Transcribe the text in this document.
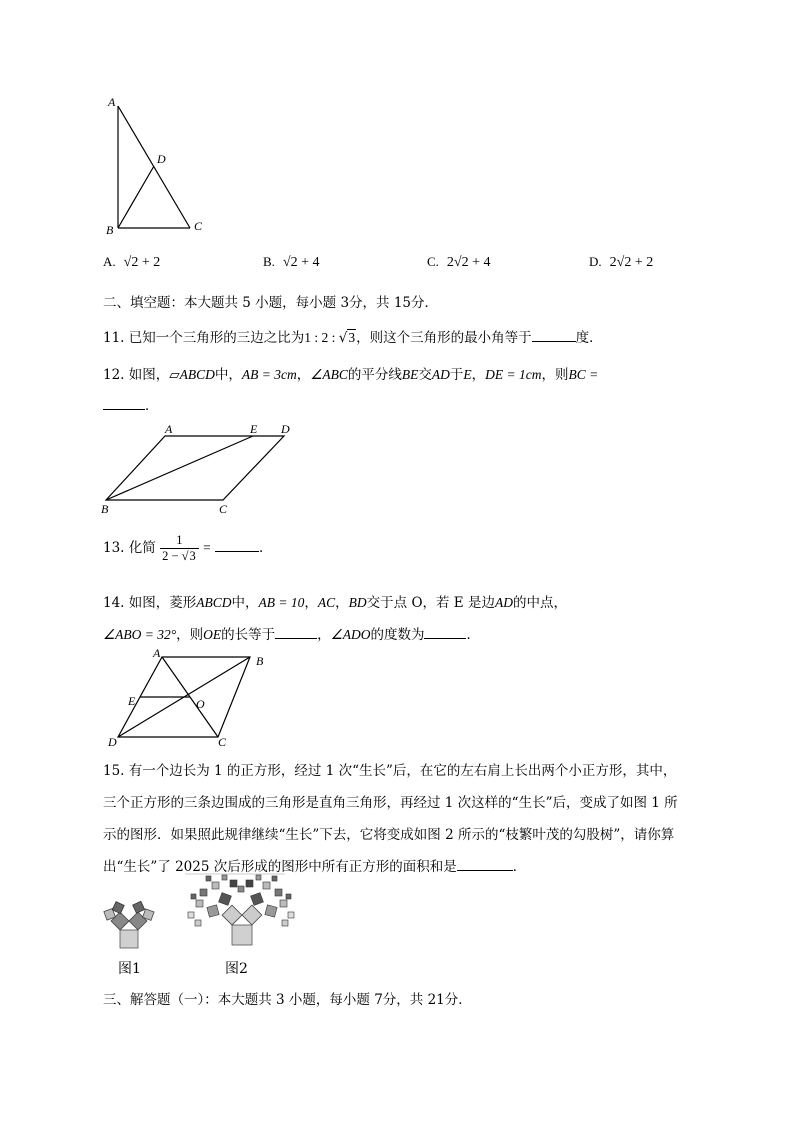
A
D
B	C
A. √2 + 2	B. √2 + 4	C. 2√2 + 4	D. 2√2 + 2
二、填空题：本大题共 5 小题，每小题 3分，共 15分．
11. 已知一个三角形的三边之比为1 : 2 : √3，则这个三角形的最小角等于	度．
12. 如图，▱ABCD中，AB = 3cm，∠ABC的平分线BE交AD于E，DE = 1cm，则BC =
．
A	E D
B	C
13. 化简 $\frac{1}{2 - √3}$ =	．
14. 如图，菱形ABCD中，AB = 10，AC，BD交于点 O，若 E 是边AD的中点，
∠ABO = 32°，则OE的长等于	，∠ADO的度数为	．
A
B
E	O
D	C
15. 有一个边长为 1 的正方形，经过 1 次“生长”后，在它的左右肩上长出两个小正方形，其中，
三个正方形的三条边围成的三角形是直角三角形，再经过 1 次这样的“生长”后，变成了如图 1 所
示的图形．如果照此规律继续“生长”下去，它将变成如图 2 所示的“枝繁叶茂的勾股树”，请你算
出“生长”了 2025 次后形成的图形中所有正方形的面积和是	．
图1	图2
三、解答题（一）：本大题共 3 小题，每小题 7分，共 21分．
